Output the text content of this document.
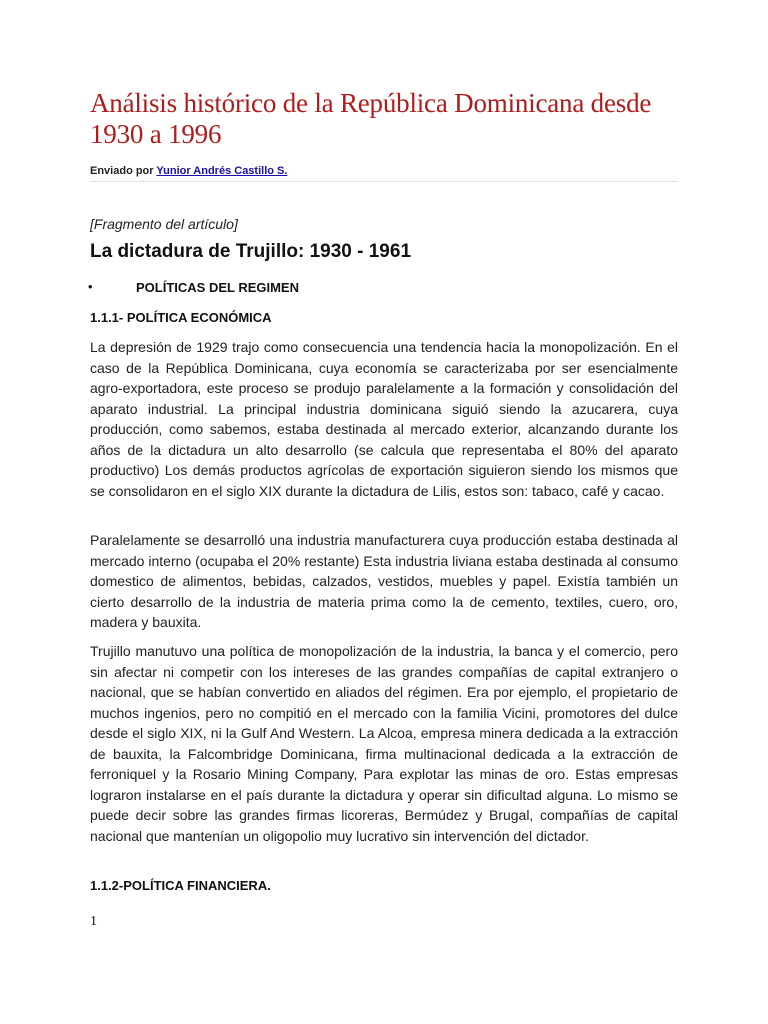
Análisis histórico de la República Dominicana desde 1930 a 1996
Enviado por Yunior Andrés Castillo S.
[Fragmento del artículo]
La dictadura de Trujillo: 1930 - 1961
•	POLÍTICAS DEL REGIMEN
1.1.1- POLÍTICA ECONÓMICA

La depresión de 1929 trajo como consecuencia una tendencia hacia la monopolización. En el caso de la República Dominicana, cuya economía se caracterizaba por ser esencialmente agro-exportadora, este proceso se produjo paralelamente a la formación y consolidación del aparato industrial. La principal industria dominicana siguió siendo la azucarera, cuya producción, como sabemos, estaba destinada al mercado exterior, alcanzando durante los años de la dictadura un alto desarrollo (se calcula que representaba el 80% del aparato productivo) Los demás productos agrícolas de exportación siguieron siendo los mismos que se consolidaron en el siglo XIX durante la dictadura de Lilis, estos son: tabaco, café y cacao.

Paralelamente se desarrolló una industria manufacturera cuya producción estaba destinada al mercado interno (ocupaba el 20% restante) Esta industria liviana estaba destinada al consumo domestico de alimentos, bebidas, calzados, vestidos, muebles y papel. Existía también un cierto desarrollo de la industria de materia prima como la de cemento, textiles, cuero, oro, madera y bauxita.

Trujillo manutuvo una política de monopolización de la industria, la banca y el comercio, pero sin afectar ni competir con los intereses de las grandes compañías de capital extranjero o nacional, que se habían convertido en aliados del régimen. Era por ejemplo, el propietario de muchos ingenios, pero no compitió en el mercado con la familia Vicini, promotores del dulce desde el siglo XIX, ni la Gulf And Western. La Alcoa, empresa minera dedicada a la extracción de bauxita, la Falcombridge Dominicana, firma multinacional dedicada a la extracción de ferroniquel y la Rosario Mining Company, Para explotar las minas de oro. Estas empresas lograron instalarse en el país durante la dictadura y operar sin dificultad alguna. Lo mismo se puede decir sobre las grandes firmas licoreras, Bermúdez y Brugal, compañías de capital nacional que mantenían un oligopolio muy lucrativo sin intervención del dictador.

1.1.2-POLÍTICA FINANCIERA.
1
